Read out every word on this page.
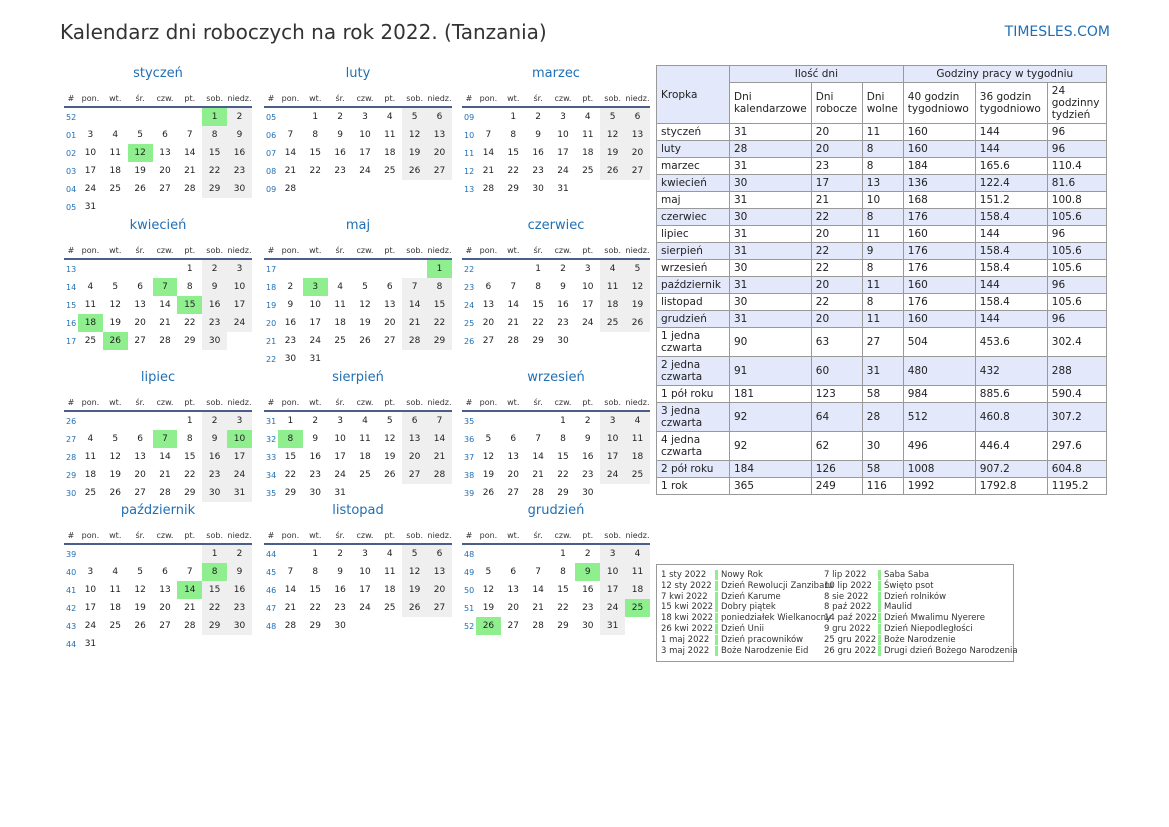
Kalendarz dni roboczych na rok 2022. (Tanzania)	TIMESLES.COM
styczeń
#	pon.	wt.	śr.	czw.	pt.	sob.	niedz.
52						1	2
01	3	4	5	6	7	8	9
02	10	11	12	13	14	15	16
03	17	18	19	20	21	22	23
04	24	25	26	27	28	29	30
05	31						
luty
#	pon.	wt.	śr.	czw.	pt.	sob.	niedz.
05		1	2	3	4	5	6
06	7	8	9	10	11	12	13
07	14	15	16	17	18	19	20
08	21	22	23	24	25	26	27
09	28						
marzec
#	pon.	wt.	śr.	czw.	pt.	sob.	niedz.
09		1	2	3	4	5	6
10	7	8	9	10	11	12	13
11	14	15	16	17	18	19	20
12	21	22	23	24	25	26	27
13	28	29	30	31			
kwiecień
#	pon.	wt.	śr.	czw.	pt.	sob.	niedz.
13					1	2	3
14	4	5	6	7	8	9	10
15	11	12	13	14	15	16	17
16	18	19	20	21	22	23	24
17	25	26	27	28	29	30	
maj
#	pon.	wt.	śr.	czw.	pt.	sob.	niedz.
17							1
18	2	3	4	5	6	7	8
19	9	10	11	12	13	14	15
20	16	17	18	19	20	21	22
21	23	24	25	26	27	28	29
22	30	31					
czerwiec
#	pon.	wt.	śr.	czw.	pt.	sob.	niedz.
22			1	2	3	4	5
23	6	7	8	9	10	11	12
24	13	14	15	16	17	18	19
25	20	21	22	23	24	25	26
26	27	28	29	30			
lipiec
#	pon.	wt.	śr.	czw.	pt.	sob.	niedz.
26					1	2	3
27	4	5	6	7	8	9	10
28	11	12	13	14	15	16	17
29	18	19	20	21	22	23	24
30	25	26	27	28	29	30	31
sierpień
#	pon.	wt.	śr.	czw.	pt.	sob.	niedz.
31	1	2	3	4	5	6	7
32	8	9	10	11	12	13	14
33	15	16	17	18	19	20	21
34	22	23	24	25	26	27	28
35	29	30	31				
wrzesień
#	pon.	wt.	śr.	czw.	pt.	sob.	niedz.
35				1	2	3	4
36	5	6	7	8	9	10	11
37	12	13	14	15	16	17	18
38	19	20	21	22	23	24	25
39	26	27	28	29	30		
październik
#	pon.	wt.	śr.	czw.	pt.	sob.	niedz.
39						1	2
40	3	4	5	6	7	8	9
41	10	11	12	13	14	15	16
42	17	18	19	20	21	22	23
43	24	25	26	27	28	29	30
44	31						
listopad
#	pon.	wt.	śr.	czw.	pt.	sob.	niedz.
44		1	2	3	4	5	6
45	7	8	9	10	11	12	13
46	14	15	16	17	18	19	20
47	21	22	23	24	25	26	27
48	28	29	30				
grudzień
#	pon.	wt.	śr.	czw.	pt.	sob.	niedz.
48				1	2	3	4
49	5	6	7	8	9	10	11
50	12	13	14	15	16	17	18
51	19	20	21	22	23	24	25
52	26	27	28	29	30	31	
Kropka	Ilość dni			Godziny pracy w tygodniu		
	Dni kalendarzowe	Dni robocze	Dni wolne	40 godzin tygodniowo	36 godzin tygodniowo	24 godzinny tydzień
styczeń	31	20	11	160	144	96
luty	28	20	8	160	144	96
marzec	31	23	8	184	165.6	110.4
kwiecień	30	17	13	136	122.4	81.6
maj	31	21	10	168	151.2	100.8
czerwiec	30	22	8	176	158.4	105.6
lipiec	31	20	11	160	144	96
sierpień	31	22	9	176	158.4	105.6
wrzesień	30	22	8	176	158.4	105.6
październik	31	20	11	160	144	96
listopad	30	22	8	176	158.4	105.6
grudzień	31	20	11	160	144	96
1 jedna czwarta	90	63	27	504	453.6	302.4
2 jedna czwarta	91	60	31	480	432	288
1 pół roku	181	123	58	984	885.6	590.4
3 jedna czwarta	92	64	28	512	460.8	307.2
4 jedna czwarta	92	62	30	496	446.4	297.6
2 pół roku	184	126	58	1008	907.2	604.8
1 rok	365	249	116	1992	1792.8	1195.2
1 sty 2022 Nowy Rok
12 sty 2022 Dzień Rewolucji Zanzibaru
7 kwi 2022 Dzień Karume
15 kwi 2022 Dobry piątek
18 kwi 2022 poniedziałek Wielkanocny
26 kwi 2022 Dzień Unii
1 maj 2022 Dzień pracowników
3 maj 2022 Boże Narodzenie Eid
7 lip 2022 Saba Saba
10 lip 2022 Święto psot
8 sie 2022 Dzień rolników
8 paź 2022 Maulid
14 paź 2022 Dzień Mwalimu Nyerere
9 gru 2022 Dzień Niepodległości
25 gru 2022 Boże Narodzenie
26 gru 2022 Drugi dzień Bożego Narodzenia
